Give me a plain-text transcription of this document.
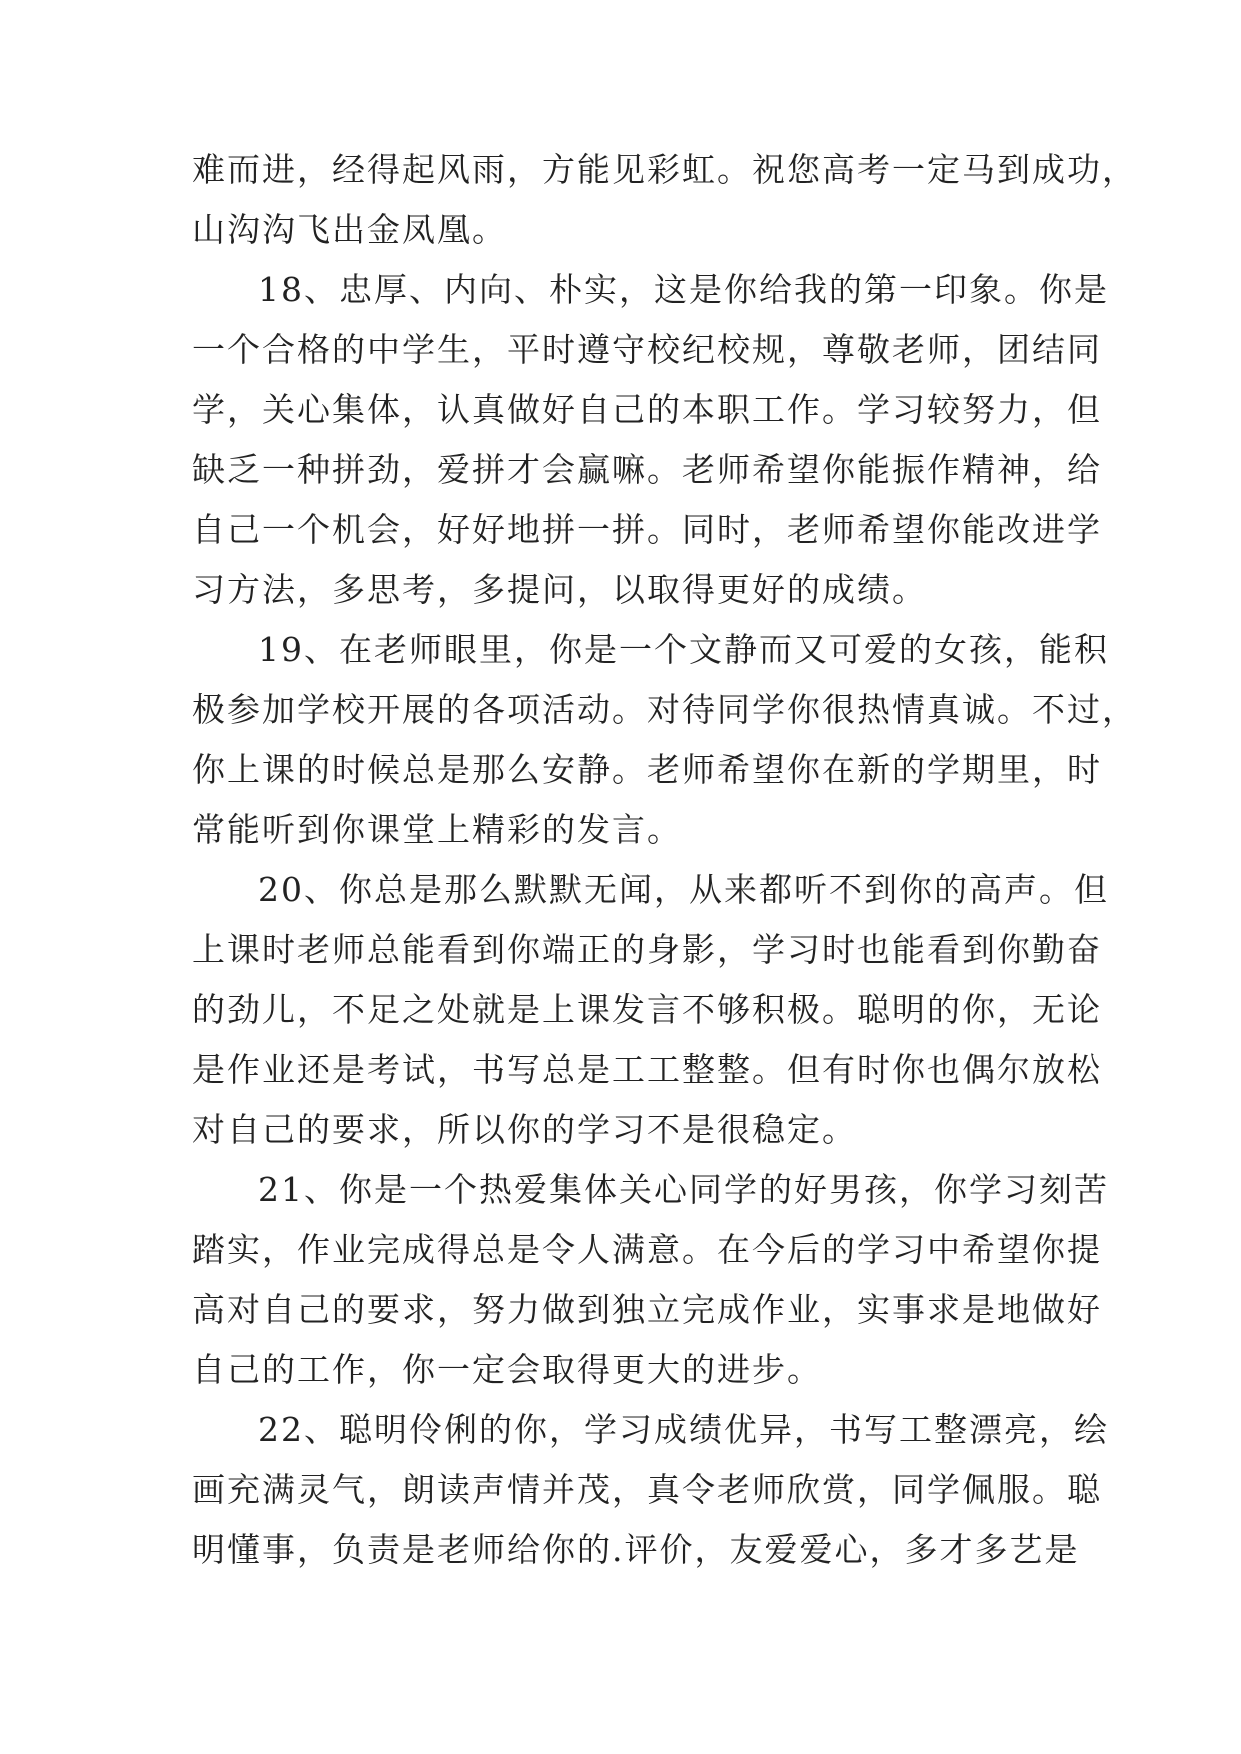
难而进，经得起风雨，方能见彩虹。祝您高考一定马到成功，
山沟沟飞出金凤凰。
18、忠厚、内向、朴实，这是你给我的第一印象。你是
一个合格的中学生，平时遵守校纪校规，尊敬老师，团结同
学，关心集体，认真做好自己的本职工作。学习较努力，但
缺乏一种拼劲，爱拼才会赢嘛。老师希望你能振作精神，给
自己一个机会，好好地拼一拼。同时，老师希望你能改进学
习方法，多思考，多提问，以取得更好的成绩。
19、在老师眼里，你是一个文静而又可爱的女孩，能积
极参加学校开展的各项活动。对待同学你很热情真诚。不过，
你上课的时候总是那么安静。老师希望你在新的学期里，时
常能听到你课堂上精彩的发言。
20、你总是那么默默无闻，从来都听不到你的高声。但
上课时老师总能看到你端正的身影，学习时也能看到你勤奋
的劲儿，不足之处就是上课发言不够积极。聪明的你，无论
是作业还是考试，书写总是工工整整。但有时你也偶尔放松
对自己的要求，所以你的学习不是很稳定。
21、你是一个热爱集体关心同学的好男孩，你学习刻苦
踏实，作业完成得总是令人满意。在今后的学习中希望你提
高对自己的要求，努力做到独立完成作业，实事求是地做好
自己的工作，你一定会取得更大的进步。
22、聪明伶俐的你，学习成绩优异，书写工整漂亮，绘
画充满灵气，朗读声情并茂，真令老师欣赏，同学佩服。聪
明懂事，负责是老师给你的.评价，友爱爱心，多才多艺是
